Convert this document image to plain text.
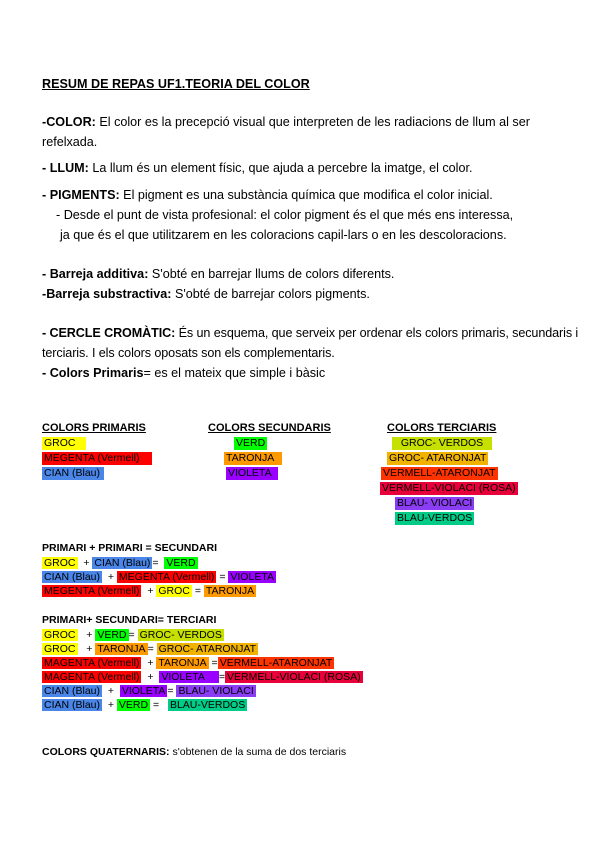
RESUM DE REPAS UF1.TEORIA DEL COLOR
-COLOR: El color es la precepció visual que interpreten de les radiacions de llum al ser
refelxada.
- LLUM: La llum és un element físic, que ajuda a percebre la imatge, el color.
- PIGMENTS: El pigment es una substància química que modifica el color inicial.
- Desde el punt de vista profesional: el color pigment és el que més ens interessa,
ja que és el que utilitzarem en les coloracions capil-lars o en les descoloracions.
- Barreja additiva: S'obté en barrejar llums de colors diferents.
-Barreja substractiva: S'obté de barrejar colors pigments.
- CERCLE CROMÀTIC: És un esquema, que serveix per ordenar els colors primaris, secundaris i
terciaris. I els colors oposats son els complementaris.
- Colors Primaris= es el mateix que simple i bàsic
COLORS PRIMARIS	COLORS SECUNDARIS	COLORS TERCIARIS
GROC
MEGENTA (Vermell)
CIAN (Blau)
VERD
TARONJA
VIOLETA
GROC- VERDOS
GROC- ATARONJAT
VERMELL-ATARONJAT
VERMELL-VIOLACI (ROSA)
BLAU- VIOLACI
BLAU-VERDOS
PRIMARI + PRIMARI = SECUNDARI
GROC + CIAN (Blau) = VERD
CIAN (Blau) + MEGENTA (Vermell) = VIOLETA
MEGENTA (Vermell) + GROC = TARONJA
PRIMARI+ SECUNDARI= TERCIARI
GROC + VERD = GROC- VERDOS
GROC + TARONJA = GROC- ATARONJAT
MAGENTA (Vermell) + TARONJA = VERMELL-ATARONJAT
MAGENTA (Vermell) + VIOLETA = VERMELL-VIOLACI (ROSA)
CIAN (Blau) + VIOLETA = BLAU- VIOLACI
CIAN (Blau) + VERD = BLAU-VERDOS
COLORS QUATERNARIS: s'obtenen de la suma de dos terciaris
